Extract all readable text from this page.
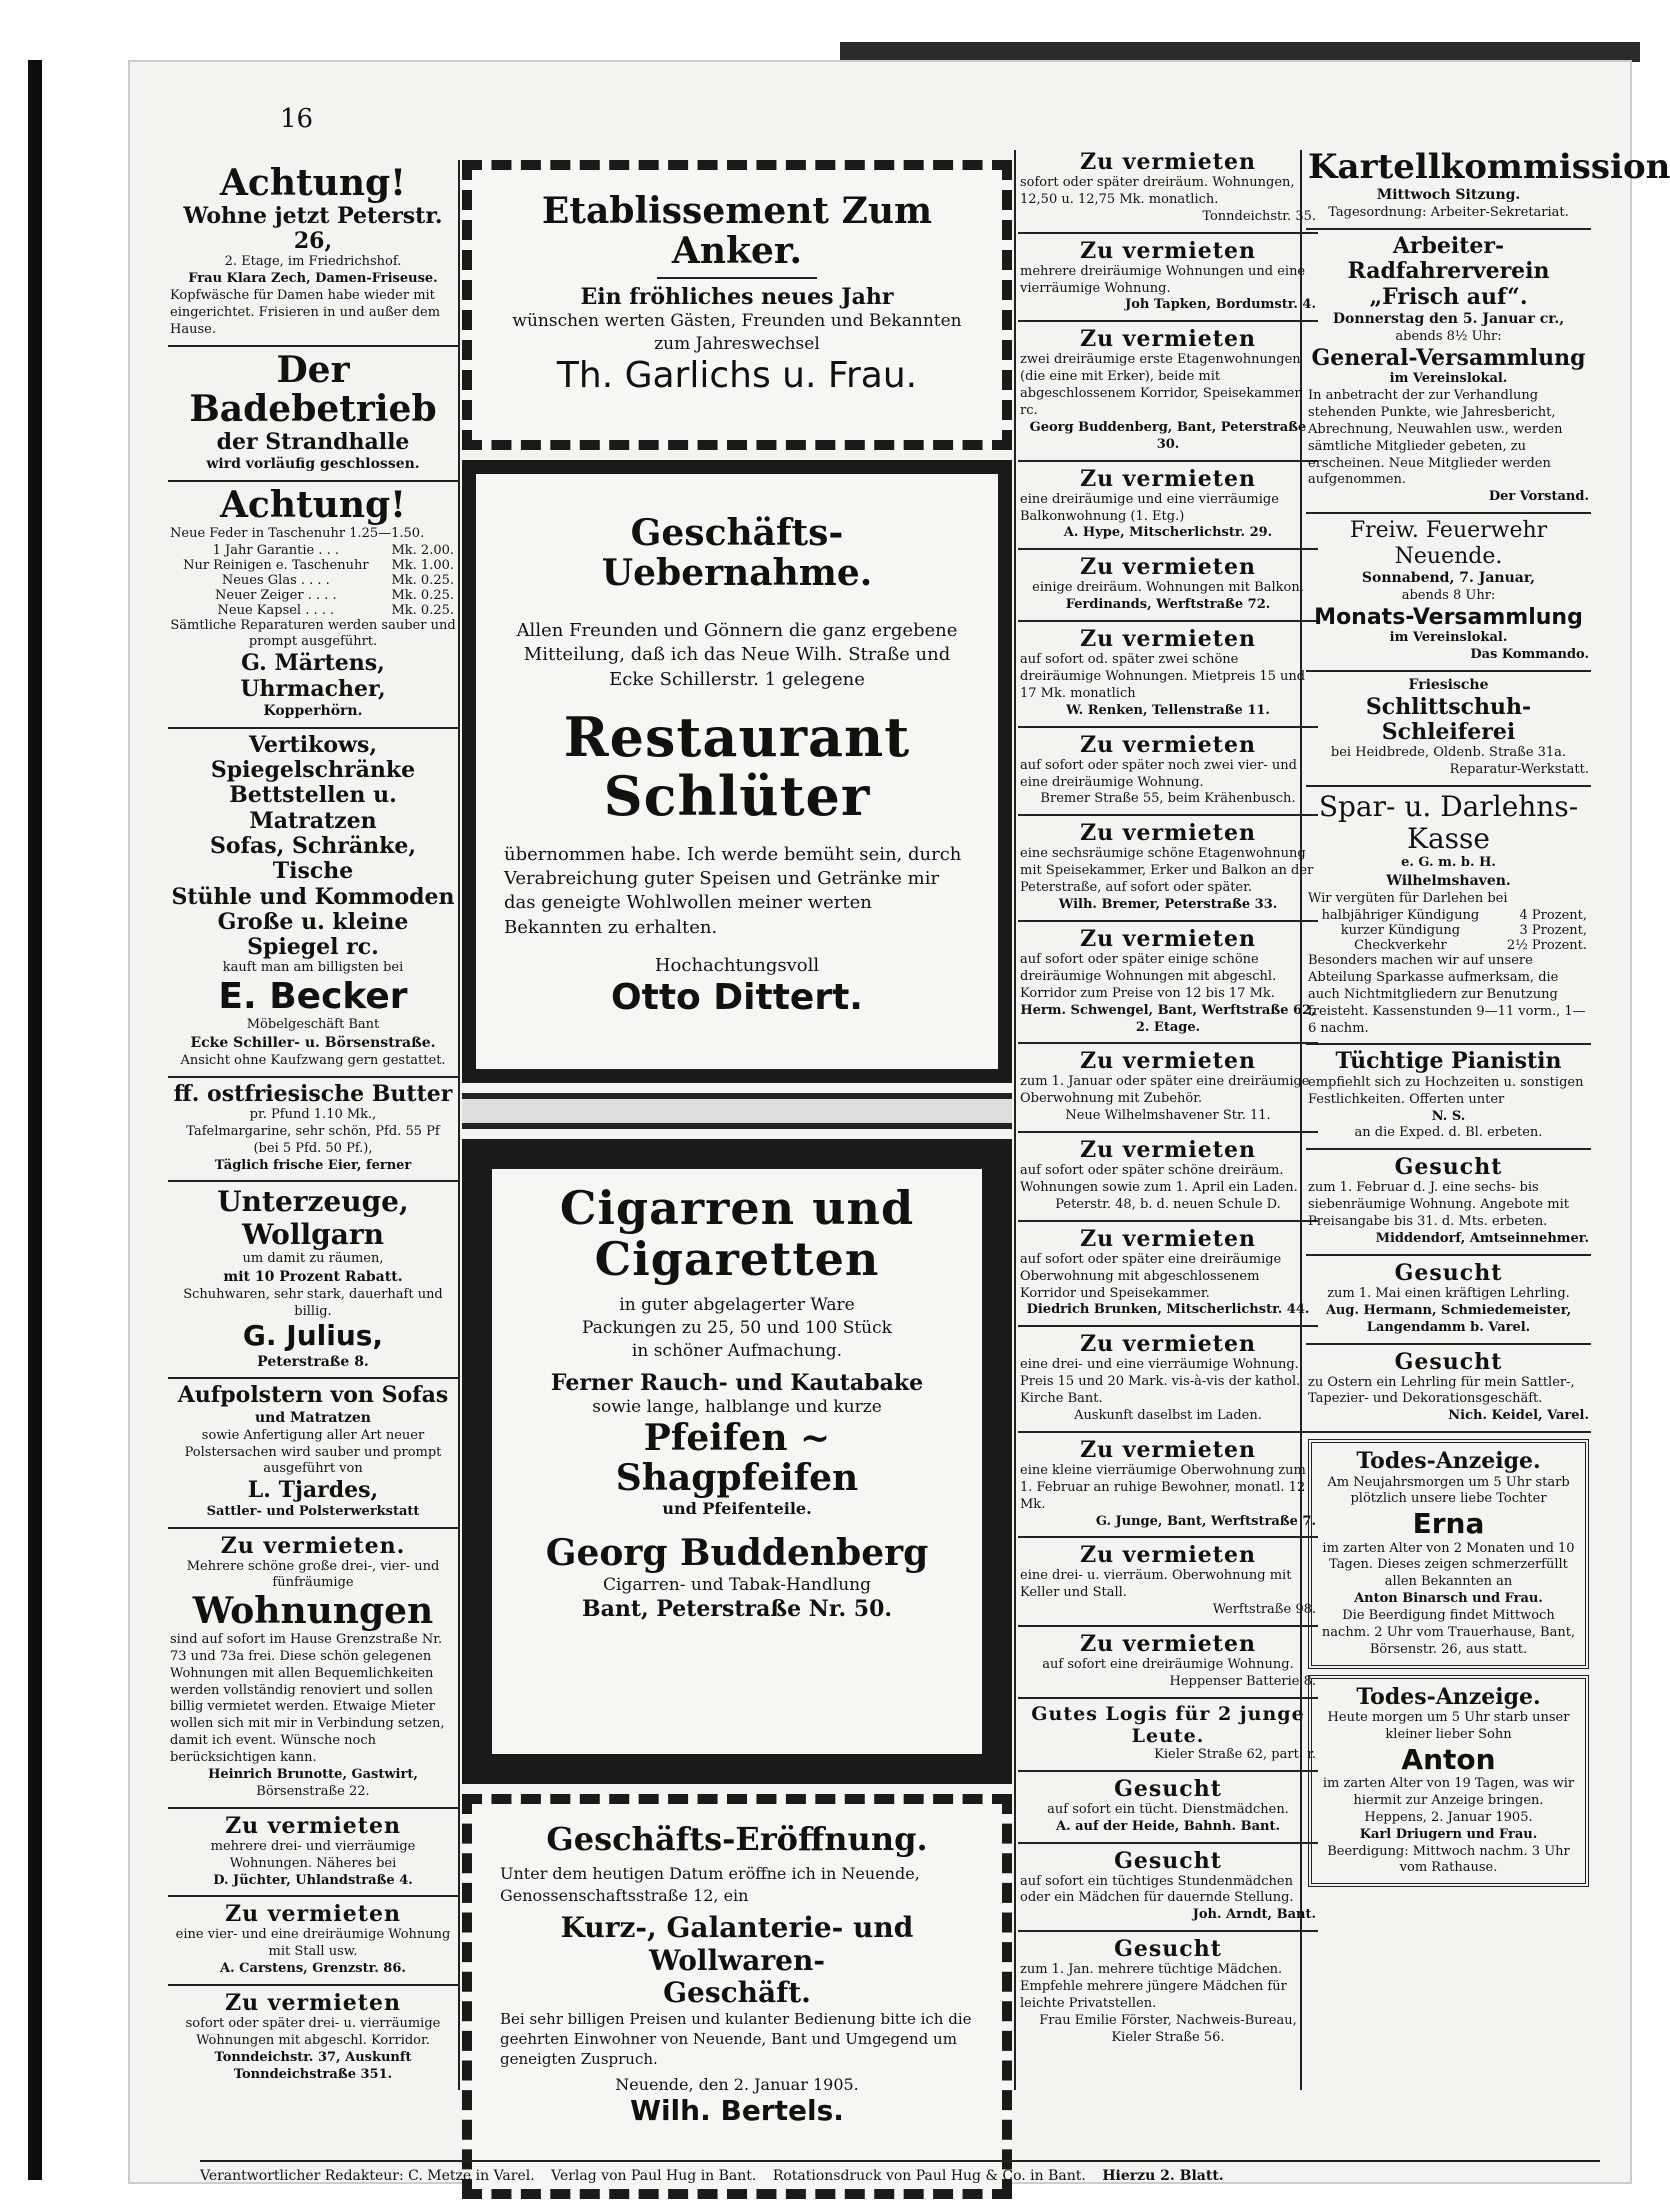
16
Achtung!
Wohne jetzt Peterstr. 26,
2. Etage, im Friedrichshof.
Frau Klara Zech, Damen-Friseuse.
Kopfwäsche für Damen habe wieder mit eingerichtet. Frisieren in und außer dem Hause.
Der Badebetrieb
der Strandhalle
wird vorläufig geschlossen.
Achtung!
Neue Feder in Taschenuhr 1.25—1.50.
1 Jahr Garantie . . .	Mk. 2.00.
Nur Reinigen e. Taschenuhr	Mk. 1.00.
Neues Glas . . . .	Mk. 0.25.
Neuer Zeiger . . . .	Mk. 0.25.
Neue Kapsel . . . .	Mk. 0.25.
Sämtliche Reparaturen werden sauber und prompt ausgeführt.
G. Märtens, Uhrmacher,
Kopperhörn.
Vertikows, Spiegelschränke
Bettstellen u. Matratzen
Sofas, Schränke, Tische
Stühle und Kommoden
Große u. kleine Spiegel rc.
kauft man am billigsten bei
E. Becker
Möbelgeschäft Bant
Ecke Schiller- u. Börsenstraße.
Ansicht ohne Kaufzwang gern gestattet.
ff. ostfriesische Butter
pr. Pfund 1.10 Mk.,
Tafelmargarine, sehr schön, Pfd. 55 Pf
(bei 5 Pfd. 50 Pf.),
Täglich frische Eier, ferner
Unterzeuge, Wollgarn
um damit zu räumen,
mit 10 Prozent Rabatt.
Schuhwaren, sehr stark, dauerhaft und billig.
G. Julius,
Peterstraße 8.
Aufpolstern von Sofas
und Matratzen
sowie Anfertigung aller Art neuer Polstersachen wird sauber und prompt ausgeführt von
L. Tjardes,
Sattler- und Polsterwerkstatt
Zu vermieten.
Mehrere schöne große drei-, vier- und fünfräumige
Wohnungen
sind auf sofort im Hause Grenzstraße Nr. 73 und 73a frei. Diese schön gelegenen Wohnungen mit allen Bequemlichkeiten werden vollständig renoviert und sollen billig vermietet werden. Etwaige Mieter wollen sich mit mir in Verbindung setzen, damit ich event. Wünsche noch berücksichtigen kann.
Heinrich Brunotte, Gastwirt,
Börsenstraße 22.
Zu vermieten
mehrere drei- und vierräumige Wohnungen. Näheres bei
D. Jüchter, Uhlandstraße 4.
Zu vermieten
eine vier- und eine dreiräumige Wohnung mit Stall usw.
A. Carstens, Grenzstr. 86.
Zu vermieten
sofort oder später drei- u. vierräumige Wohnungen mit abgeschl. Korridor.
Tonndeichstr. 37, Auskunft Tonndeichstraße 351.
Etablissement Zum Anker.
Ein fröhliches neues Jahr
wünschen werten Gästen, Freunden und Bekannten
zum Jahreswechsel
Th. Garlichs u. Frau.
Geschäfts-Uebernahme.
Allen Freunden und Gönnern die ganz ergebene Mitteilung, daß ich das Neue Wilh. Straße und Ecke Schillerstr. 1 gelegene
Restaurant Schlüter
übernommen habe. Ich werde bemüht sein, durch Verabreichung guter Speisen und Getränke mir das geneigte Wohlwollen meiner werten Bekannten zu erhalten.
Hochachtungsvoll
Otto Dittert.
Cigarren und Cigaretten
in guter abgelagerter Ware
Packungen zu 25, 50 und 100 Stück
in schöner Aufmachung.
Ferner Rauch- und Kautabake
sowie lange, halblange und kurze
Pfeifen ~ Shagpfeifen
und Pfeifenteile.
Georg Buddenberg
Cigarren- und Tabak-Handlung
Bant, Peterstraße Nr. 50.
Geschäfts-Eröffnung.
Unter dem heutigen Datum eröffne ich in Neuende, Genossenschaftsstraße 12, ein
Kurz-, Galanterie- und Wollwaren-
Geschäft.
Bei sehr billigen Preisen und kulanter Bedienung bitte ich die geehrten Einwohner von Neuende, Bant und Umgegend um geneigten Zuspruch.
Neuende, den 2. Januar 1905.
Wilh. Bertels.
Zu vermieten
sofort oder später dreiräum. Wohnungen, 12,50 u. 12,75 Mk. monatlich.
Tonndeichstr. 35.
Zu vermieten
mehrere dreiräumige Wohnungen und eine vierräumige Wohnung.
Joh Tapken, Bordumstr. 4.
Zu vermieten
zwei dreiräumige erste Etagenwohnungen (die eine mit Erker), beide mit abgeschlossenem Korridor, Speisekammer rc.
Georg Buddenberg, Bant, Peterstraße 30.
Zu vermieten
eine dreiräumige und eine vierräumige Balkonwohnung (1. Etg.)
A. Hype, Mitscherlichstr. 29.
Zu vermieten
einige dreiräum. Wohnungen mit Balkon.
Ferdinands, Werftstraße 72.
Zu vermieten
auf sofort od. später zwei schöne dreiräumige Wohnungen. Mietpreis 15 und 17 Mk. monatlich
W. Renken, Tellenstraße 11.
Zu vermieten
auf sofort oder später noch zwei vier- und eine dreiräumige Wohnung.
Bremer Straße 55, beim Krähenbusch.
Zu vermieten
eine sechsräumige schöne Etagenwohnung mit Speisekammer, Erker und Balkon an der Peterstraße, auf sofort oder später.
Wilh. Bremer, Peterstraße 33.
Zu vermieten
auf sofort oder später einige schöne dreiräumige Wohnungen mit abgeschl. Korridor zum Preise von 12 bis 17 Mk.
Herm. Schwengel, Bant, Werftstraße 62, 2. Etage.
Zu vermieten
zum 1. Januar oder später eine dreiräumige Oberwohnung mit Zubehör.
Neue Wilhelmshavener Str. 11.
Zu vermieten
auf sofort oder später schöne dreiräum. Wohnungen sowie zum 1. April ein Laden.
Peterstr. 48, b. d. neuen Schule D.
Zu vermieten
auf sofort oder später eine dreiräumige Oberwohnung mit abgeschlossenem Korridor und Speisekammer.
Diedrich Brunken, Mitscherlichstr. 44.
Zu vermieten
eine drei- und eine vierräumige Wohnung. Preis 15 und 20 Mark. vis-à-vis der kathol. Kirche Bant.
Auskunft daselbst im Laden.
Zu vermieten
eine kleine vierräumige Oberwohnung zum 1. Februar an ruhige Bewohner, monatl. 12 Mk.
G. Junge, Bant, Werftstraße 7.
Zu vermieten
eine drei- u. vierräum. Oberwohnung mit Keller und Stall.
Werftstraße 98.
Zu vermieten
auf sofort eine dreiräumige Wohnung.
Heppenser Batterie 8.
Gutes Logis für 2 junge Leute.
Kieler Straße 62, part. r.
Gesucht
auf sofort ein tücht. Dienstmädchen.
A. auf der Heide, Bahnh. Bant.
Gesucht
auf sofort ein tüchtiges Stundenmädchen oder ein Mädchen für dauernde Stellung.
Joh. Arndt, Bant.
Gesucht
zum 1. Jan. mehrere tüchtige Mädchen. Empfehle mehrere jüngere Mädchen für leichte Privatstellen.
Frau Emilie Förster, Nachweis-Bureau, Kieler Straße 56.
Kartellkommission
Mittwoch Sitzung.
Tagesordnung: Arbeiter-Sekretariat.
Arbeiter-Radfahrerverein
„Frisch auf“.
Donnerstag den 5. Januar cr.,
abends 8½ Uhr:
General-Versammlung
im Vereinslokal.
In anbetracht der zur Verhandlung stehenden Punkte, wie Jahresbericht, Abrechnung, Neuwahlen usw., werden sämtliche Mitglieder gebeten, zu erscheinen. Neue Mitglieder werden aufgenommen.
Der Vorstand.
Freiw. Feuerwehr Neuende.
Sonnabend, 7. Januar,
abends 8 Uhr:
Monats-Versammlung
im Vereinslokal.
Das Kommando.
Friesische
Schlittschuh-Schleiferei
bei Heidbrede, Oldenb. Straße 31a.
Reparatur-Werkstatt.
Spar- u. Darlehns-Kasse
e. G. m. b. H.
Wilhelmshaven.
Wir vergüten für Darlehen bei
halbjähriger Kündigung	4 Prozent,
kurzer Kündigung	3 Prozent,
Checkverkehr	2½ Prozent.
Besonders machen wir auf unsere Abteilung Sparkasse aufmerksam, die auch Nichtmitgliedern zur Benutzung freisteht. Kassenstunden 9—11 vorm., 1—6 nachm.
Tüchtige Pianistin
empfiehlt sich zu Hochzeiten u. sonstigen Festlichkeiten. Offerten unter
N. S.
an die Exped. d. Bl. erbeten.
Gesucht
zum 1. Februar d. J. eine sechs- bis siebenräumige Wohnung. Angebote mit Preisangabe bis 31. d. Mts. erbeten.
Middendorf, Amtseinnehmer.
Gesucht
zum 1. Mai einen kräftigen Lehrling.
Aug. Hermann, Schmiedemeister, Langendamm b. Varel.
Gesucht
zu Ostern ein Lehrling für mein Sattler-, Tapezier- und Dekorationsgeschäft.
Nich. Keidel, Varel.
Todes-Anzeige.
Am Neujahrsmorgen um 5 Uhr starb plötzlich unsere liebe Tochter
Erna
im zarten Alter von 2 Monaten und 10 Tagen. Dieses zeigen schmerzerfüllt allen Bekannten an
Anton Binarsch und Frau.
Die Beerdigung findet Mittwoch nachm. 2 Uhr vom Trauerhause, Bant, Börsenstr. 26, aus statt.
Todes-Anzeige.
Heute morgen um 5 Uhr starb unser kleiner lieber Sohn
Anton
im zarten Alter von 19 Tagen, was wir hiermit zur Anzeige bringen.
Heppens, 2. Januar 1905.
Karl Driugern und Frau.
Beerdigung: Mittwoch nachm. 3 Uhr vom Rathause.
Verantwortlicher Redakteur: C. Metze in Varel. Verlag von Paul Hug in Bant. Rotationsdruck von Paul Hug & Co. in Bant. Hierzu 2. Blatt.
